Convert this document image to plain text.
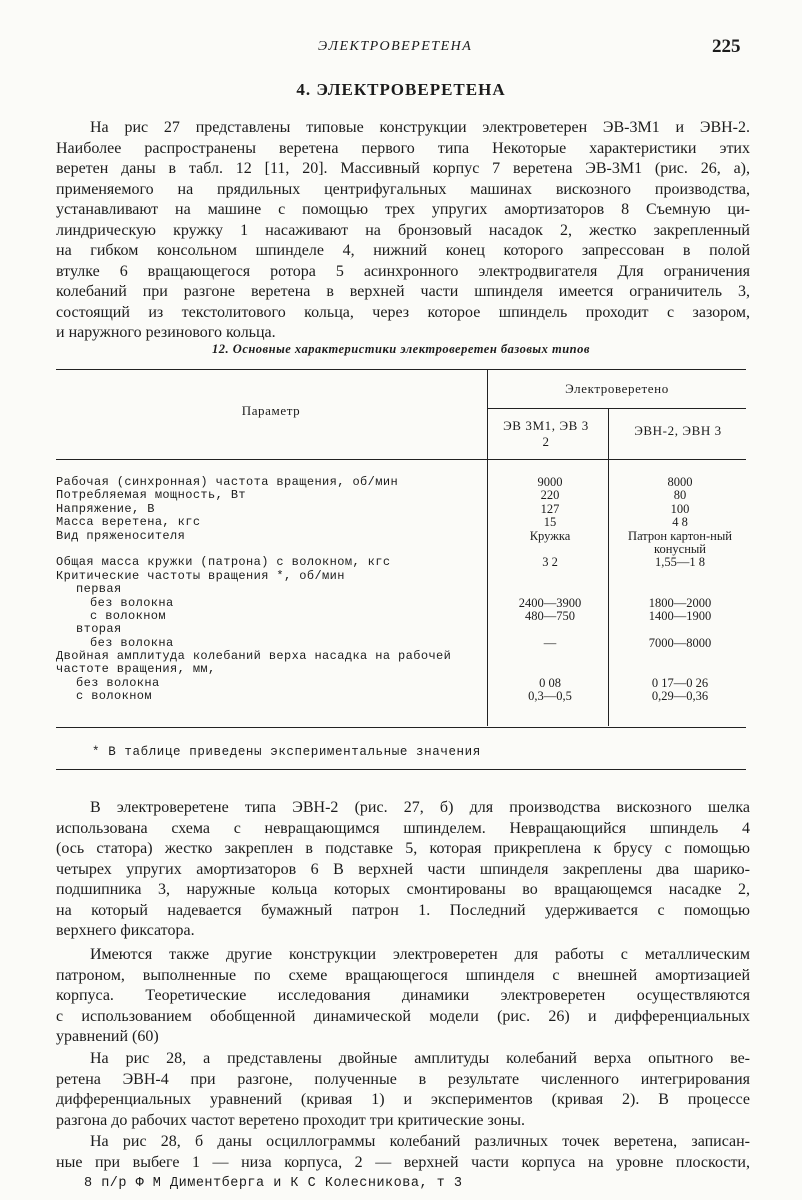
ЭЛЕКТРОВЕРЕТЕНА	225
4. ЭЛЕКТРОВЕРЕТЕНА

На рис 27 представлены типовые конструкции электроветерен ЭВ-3М1 и ЭВН-2.
Наиболее распространены веретена первого типа Некоторые характеристики этих
веретен даны в табл. 12 [11, 20]. Массивный корпус 7 веретена ЭВ-3М1 (рис. 26, а),
применяемого на прядильных центрифугальных машинах вискозного производства,
устанавливают на машине с помощью трех упругих амортизаторов 8 Съемную ци-
линдрическую кружку 1 насаживают на бронзовый насадок 2, жестко закрепленный
на гибком консольном шпинделе 4, нижний конец которого запрессован в полой
втулке 6 вращающегося ротора 5 асинхронного электродвигателя Для ограничения
колебаний при разгоне веретена в верхней части шпинделя имеется ограничитель 3,
состоящий из текстолитового кольца, через которое шпиндель проходит с зазором,
и наружного резинового кольца.

12. Основные характеристики электроверетен базовых типов
Параметр
Электроверетено
ЭВ 3М1, ЭВ 3 2
ЭВН-2, ЭВН 3
Рабочая (синхронная) частота вращения, об/мин	9000	8000
Потребляемая мощность, Вт	220	80
Напряжение, В	127	100
Масса веретена, кгс	15	4 8
Вид пряженосителя	Кружка	Патрон картон-ный конусный
Общая масса кружки (патрона) с волокном, кгс	3 2	1,55—1 8
Критические частоты вращения *, об/мин
первая
без волокна	2400—3900	1800—2000
с волокном	480—750	1400—1900
вторая
без волокна	—	7000—8000
Двойная амплитуда колебаний верха насадка на рабочей
частоте вращения, мм,
без волокна	0 08	0 17—0 26
с волокном	0,3—0,5	0,29—0,36
* В таблице приведены экспериментальные значения

В электроверетене типа ЭВН-2 (рис. 27, б) для производства вискозного шелка
использована схема с невращающимся шпинделем. Невращающийся шпиндель 4
(ось статора) жестко закреплен в подставке 5, которая прикреплена к брусу с помощью
четырех упругих амортизаторов 6 В верхней части шпинделя закреплены два шарико-
подшипника 3, наружные кольца которых смонтированы во вращающемся насадке 2,
на который надевается бумажный патрон 1. Последний удерживается с помощью
верхнего фиксатора.

Имеются также другие конструкции электроверетен для работы с металлическим
патроном, выполненные по схеме вращающегося шпинделя с внешней амортизацией
корпуса. Теоретические исследования динамики электроверетен осуществляются
с использованием обобщенной динамической модели (рис. 26) и дифференциальных
уравнений (60)

На рис 28, а представлены двойные амплитуды колебаний верха опытного ве-
ретена ЭВН-4 при разгоне, полученные в результате численного интегрирования
дифференциальных уравнений (кривая 1) и экспериментов (кривая 2). В процессе
разгона до рабочих частот веретено проходит три критические зоны.

На рис 28, б даны осциллограммы колебаний различных точек веретена, записан-
ные при выбеге 1 — низа корпуса, 2 — верхней части корпуса на уровне плоскости,

8 п/р Ф М Диментберга и К С Колесникова, т 3
